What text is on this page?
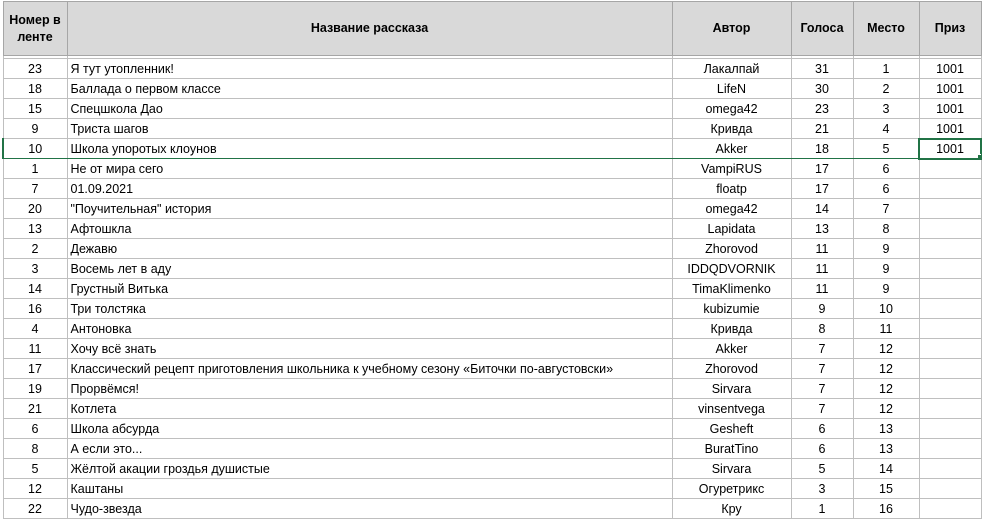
Номер в ленте	Название рассказа	Автор	Голоса	Место	Приз

23	Я тут утопленник!	Лакалпай	31	1	1001
18	Баллада о первом классе	LifeN	30	2	1001
15	Спецшкола Дао	omega42	23	3	1001
9	Триста шагов	Кривда	21	4	1001
10	Школа упоротых клоунов	Akker	18	5	1001
1	Не от мира сего	VampiRUS	17	6	
7	01.09.2021	floatp	17	6	
20	"Поучительная" история	omega42	14	7	
13	Афтошкла	Lapidata	13	8	
2	Дежавю	Zhorovod	11	9	
3	Восемь лет в аду	IDDQDVORNIK	11	9	
14	Грустный Витька	TimaKlimenko	11	9	
16	Три толстяка	kubizumie	9	10	
4	Антоновка	Кривда	8	11	
11	Хочу всё знать	Akker	7	12	
17	Классический рецепт приготовления школьника к учебному сезону «Биточки по-августовски»	Zhorovod	7	12	
19	Прорвёмся!	Sirvara	7	12	
21	Котлета	vinsentvega	7	12	
6	Школа абсурда	Gesheft	6	13	
8	А если это...	BuratTino	6	13	
5	Жёлтой акации гроздья душистые	Sirvara	5	14	
12	Каштаны	Огуретрикс	3	15	
22	Чудо-звезда	Кру	1	16	
